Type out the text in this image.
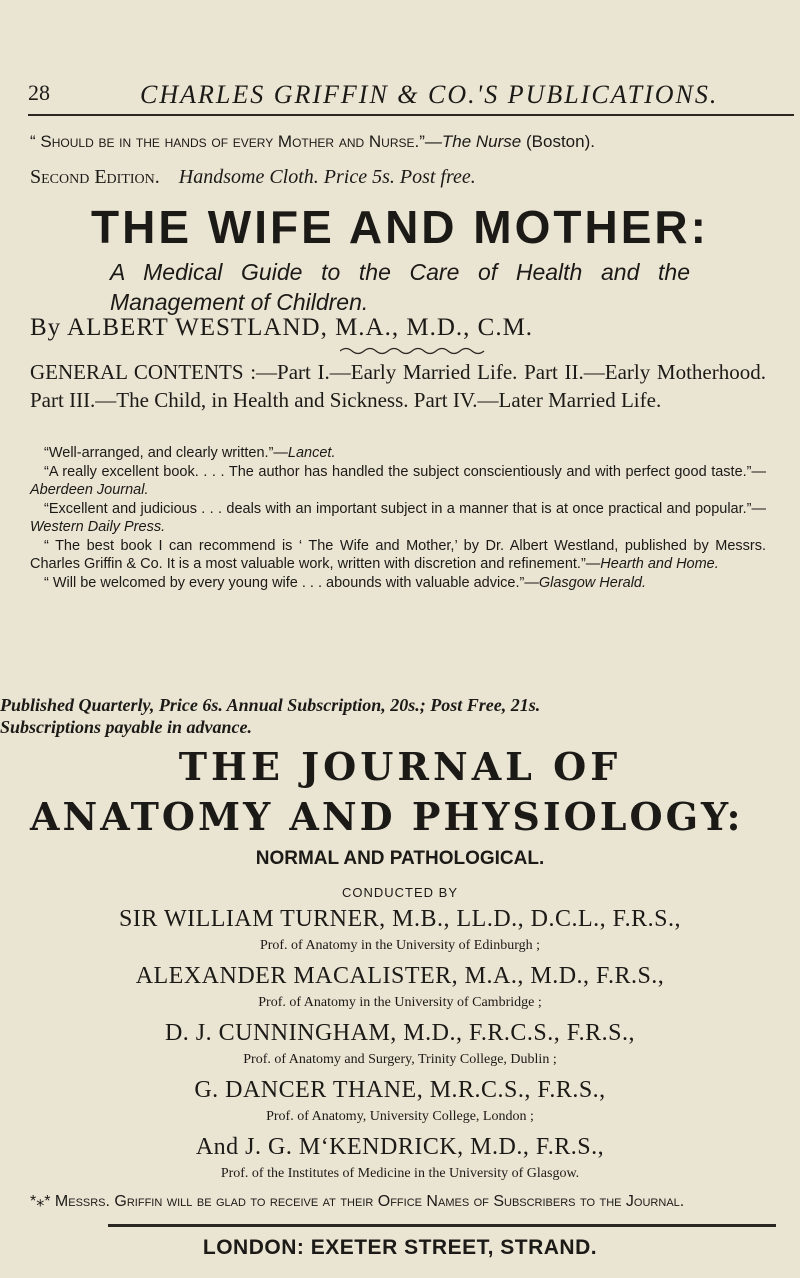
28	CHARLES GRIFFIN & CO.'S PUBLICATIONS.
“ Should be in the hands of every Mother and Nurse.”—The Nurse (Boston).
Second Edition. Handsome Cloth. Price 5s. Post free.
THE WIFE AND MOTHER:
A Medical Guide to the Care of Health and the Management of Children.
By ALBERT WESTLAND, M.A., M.D., C.M.
GENERAL CONTENTS :—Part I.—Early Married Life. Part II.—Early Motherhood. Part III.—The Child, in Health and Sickness. Part IV.—Later Married Life.
“Well-arranged, and clearly written.”—Lancet.
“A really excellent book. . . . The author has handled the subject conscientiously and with perfect good taste.”—Aberdeen Journal.
“Excellent and judicious . . . deals with an important subject in a manner that is at once practical and popular.”—Western Daily Press.
“ The best book I can recommend is ‘ The Wife and Mother,’ by Dr. Albert Westland, published by Messrs. Charles Griffin & Co. It is a most valuable work, written with discretion and refinement.”—Hearth and Home.
“ Will be welcomed by every young wife . . . abounds with valuable advice.”—Glasgow Herald.
Published Quarterly, Price 6s. Annual Subscription, 20s.; Post Free, 21s.
Subscriptions payable in advance.
THE JOURNAL OF
ANATOMY AND PHYSIOLOGY:
NORMAL AND PATHOLOGICAL.
CONDUCTED BY
SIR WILLIAM TURNER, M.B., LL.D., D.C.L., F.R.S.,
Prof. of Anatomy in the University of Edinburgh ;
ALEXANDER MACALISTER, M.A., M.D., F.R.S.,
Prof. of Anatomy in the University of Cambridge ;
D. J. CUNNINGHAM, M.D., F.R.C.S., F.R.S.,
Prof. of Anatomy and Surgery, Trinity College, Dublin ;
G. DANCER THANE, M.R.C.S., F.R.S.,
Prof. of Anatomy, University College, London ;
And J. G. M‘KENDRICK, M.D., F.R.S.,
Prof. of the Institutes of Medicine in the University of Glasgow.
*⁎* Messrs. Griffin will be glad to receive at their Office Names of Subscribers to the Journal.
LONDON: EXETER STREET, STRAND.
